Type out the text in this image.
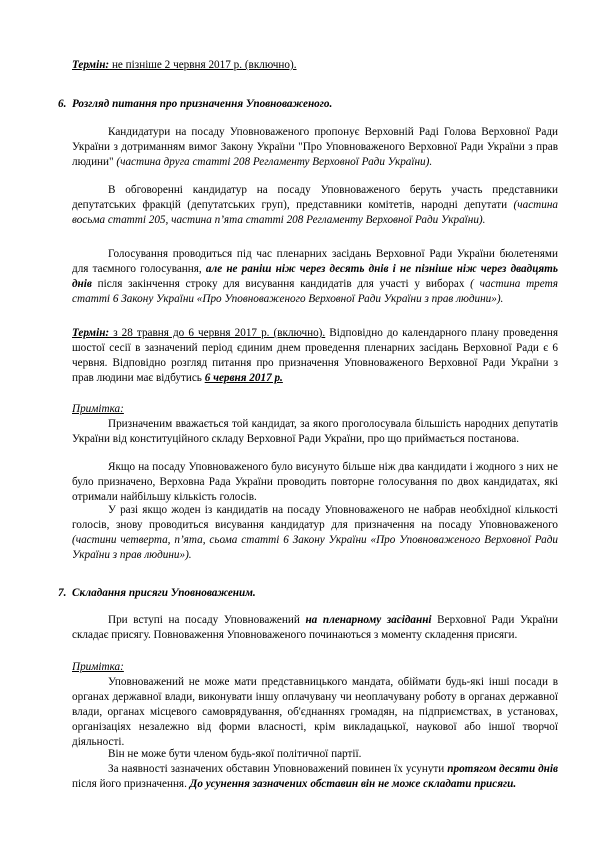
Термін: не пізніше 2 червня 2017 р. (включно).

6. Розгляд питання про призначення Уповноваженого.

Кандидатури на посаду Уповноваженого пропонує Верховній Раді Голова Верховної Ради України з дотриманням вимог Закону України "Про Уповноваженого Верховної Ради України з прав людини" (частина друга статті 208 Регламенту Верховної Ради України).

В обговоренні кандидатур на посаду Уповноваженого беруть участь представники депутатських фракцій (депутатських груп), представники комітетів, народні депутати (частина восьма статті 205, частина п’ята статті 208 Регламенту Верховної Ради України).

Голосування проводиться під час пленарних засідань Верховної Ради України бюлетенями для таємного голосування, але не раніш ніж через десять днів і не пізніше ніж через двадцять днів після закінчення строку для висування кандидатів для участі у виборах ( частина третя статті 6 Закону України «Про Уповноваженого Верховної Ради України з прав людини»).

Термін: з 28 травня до 6 червня 2017 р. (включно). Відповідно до календарного плану проведення шостої сесії в зазначений період єдиним днем проведення пленарних засідань Верховної Ради є 6 червня. Відповідно розгляд питання про призначення Уповноваженого Верховної Ради України з прав людини має відбутись 6 червня 2017 р.

Примітка:

Призначеним вважається той кандидат, за якого проголосувала більшість народних депутатів України від конституційного складу Верховної Ради України, про що приймається постанова.

Якщо на посаду Уповноваженого було висунуто більше ніж два кандидати і жодного з них не було призначено, Верховна Рада України проводить повторне голосування по двох кандидатах, які отримали найбільшу кількість голосів.

У разі якщо жоден із кандидатів на посаду Уповноваженого не набрав необхідної кількості голосів, знову проводиться висування кандидатур для призначення на посаду Уповноваженого (частини четверта, п’ята, сьома статті 6 Закону України «Про Уповноваженого Верховної Ради України з прав людини»).

7. Складання присяги Уповноваженим.

При вступі на посаду Уповноважений на пленарному засіданні Верховної Ради України складає присягу. Повноваження Уповноваженого починаються з моменту складення присяги.

Примітка:

Уповноважений не може мати представницького мандата, обіймати будь-які інші посади в органах державної влади, виконувати іншу оплачувану чи неоплачувану роботу в органах державної влади, органах місцевого самоврядування, об'єднаннях громадян, на підприємствах, в установах, організаціях незалежно від форми власності, крім викладацької, наукової або іншої творчої діяльності.

Він не може бути членом будь-якої політичної партії.

За наявності зазначених обставин Уповноважений повинен їх усунути протягом десяти днів після його призначення. До усунення зазначених обставин він не може складати присяги.
